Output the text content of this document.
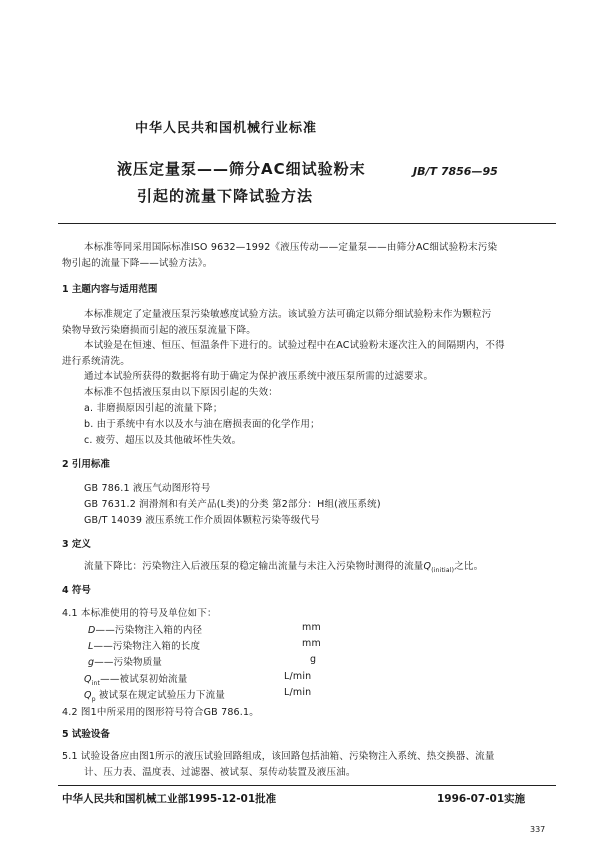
中华人民共和国机械行业标准
液压定量泵——筛分AC细试验粉末
引起的流量下降试验方法
JB/T 7856—95
本标准等同采用国际标准ISO 9632—1992《液压传动——定量泵——由筛分AC细试验粉末污染
物引起的流量下降——试验方法》。
1 主题内容与适用范围
本标准规定了定量液压泵污染敏感度试验方法。该试验方法可确定以筛分细试验粉末作为颗粒污
染物导致污染磨损而引起的液压泵流量下降。
本试验是在恒速、恒压、恒温条件下进行的。试验过程中在AC试验粉末逐次注入的间隔期内，不得
进行系统清洗。
通过本试验所获得的数据将有助于确定为保护液压系统中液压泵所需的过滤要求。
本标准不包括液压泵由以下原因引起的失效：
a. 非磨损原因引起的流量下降；
b. 由于系统中有水以及水与油在磨损表面的化学作用；
c. 疲劳、超压以及其他破坏性失效。
2 引用标准
GB 786.1 液压气动图形符号
GB 7631.2 润滑剂和有关产品(L类)的分类 第2部分：H组(液压系统)
GB/T 14039 液压系统工作介质固体颗粒污染等级代号
3 定义
流量下降比：污染物注入后液压泵的稳定输出流量与未注入污染物时测得的流量$Q_{(initial)}$之比。
4 符号
4.1 本标准使用的符号及单位如下：
D——污染物注入箱的内径	mm
L——污染物注入箱的长度	mm
g——污染物质量	g
$Q_{int}——$被试泵初始流量	L/min
$Q_p$ 被试泵在规定试验压力下流量	L/min
4.2 图1中所采用的图形符号符合GB 786.1。
5 试验设备
5.1 试验设备应由图1所示的液压试验回路组成，该回路包括油箱、污染物注入系统、热交换器、流量
计、压力表、温度表、过滤器、被试泵、泵传动装置及液压油。
中华人民共和国机械工业部1995-12-01批准	1996-07-01实施
337
